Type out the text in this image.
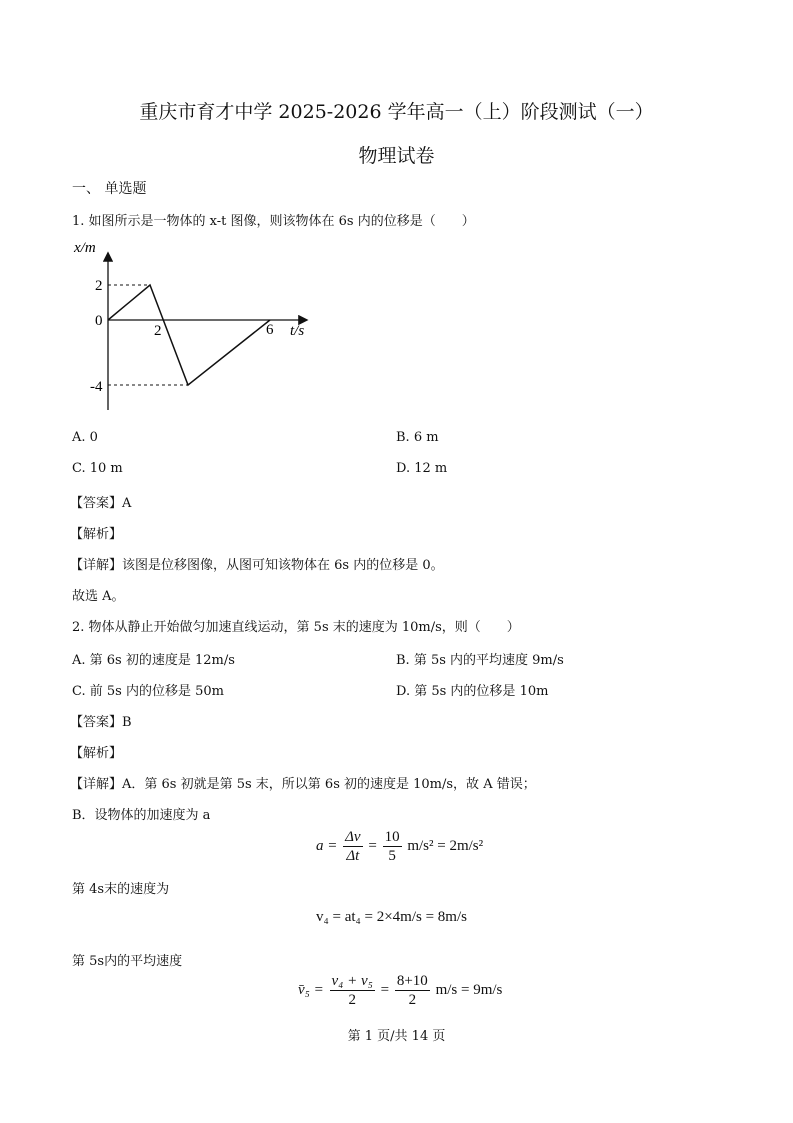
重庆市育才中学 2025-2026 学年高一（上）阶段测试（一）
物理试卷
一、 单选题
1. 如图所示是一物体的 x-t 图像，则该物体在 6s 内的位移是（　　）
x/m
t/s
2
0
-4
2	6
A. 0	B. 6 m
C. 10 m	D. 12 m
【答案】A
【解析】
【详解】该图是位移图像，从图可知该物体在 6s 内的位移是 0。
故选 A。
2. 物体从静止开始做匀加速直线运动，第 5s 末的速度为 10m/s，则（　　）
A. 第 6s 初的速度是 12m/s	B. 第 5s 内的平均速度 9m/s
C. 前 5s 内的位移是 50m	D. 第 5s 内的位移是 10m
【答案】B
【解析】
【详解】A．第 6s 初就是第 5s 末，所以第 6s 初的速度是 10m/s，故 A 错误；
B．设物体的加速度为 a
$a = \frac{\Delta v}{\Delta t} = \frac{10}{5} m/s^2 = 2m/s^2$
第 4s末的速度为
v₄ = at₄ = 2×4m/s = 8m/s
第 5s内的平均速度
v̄₅ = $\frac{\text{v₄ + v₅}}{2} = \frac{8+10}{2} m/s = 9m/s$
第 1 页/共 14 页
